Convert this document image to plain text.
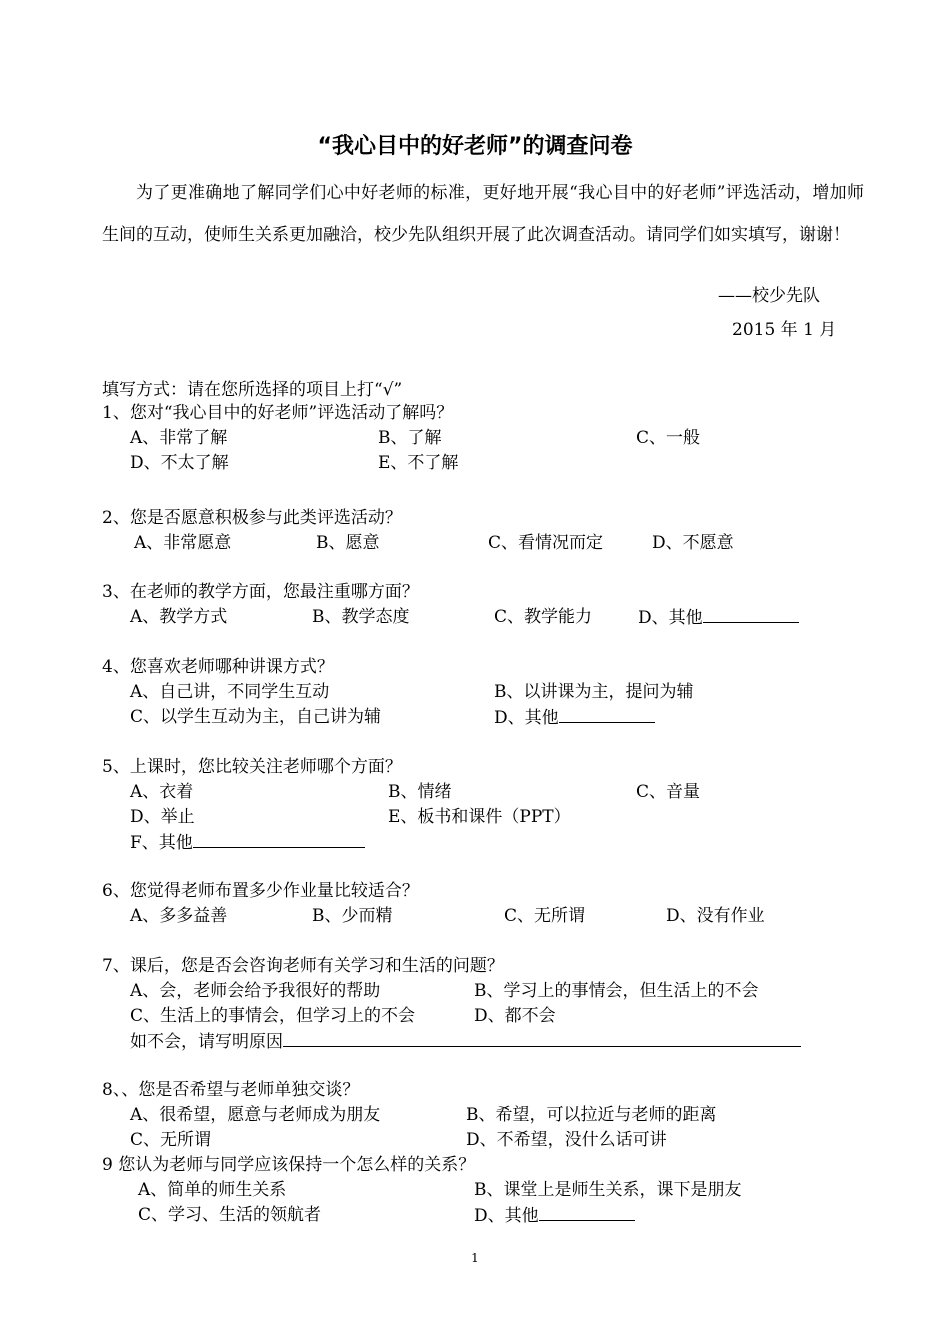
“我心目中的好老师”的调查问卷
为了更准确地了解同学们心中好老师的标准，更好地开展“我心目中的好老师”评选活动，增加师生间的互动，使师生关系更加融洽，校少先队组织开展了此次调查活动。请同学们如实填写，谢谢！
——校少先队
2015 年 1 月
填写方式：请在您所选择的项目上打“√”
1、您对“我心目中的好老师”评选活动了解吗？
A、非常了解	B、了解	C、一般
D、不太了解	E、不了解
2、您是否愿意积极参与此类评选活动？
A、非常愿意	B、愿意	C、看情况而定	D、不愿意
3、在老师的教学方面，您最注重哪方面？
A、教学方式	B、教学态度	C、教学能力	D、其他
4、您喜欢老师哪种讲课方式？
A、自己讲，不同学生互动	B、以讲课为主，提问为辅
C、以学生互动为主，自己讲为辅	D、其他
5、上课时，您比较关注老师哪个方面？
A、衣着	B、情绪	C、音量
D、举止	E、板书和课件（PPT）
F、其他
6、您觉得老师布置多少作业量比较适合？
A、多多益善	B、少而精	C、无所谓	D、没有作业
7、课后，您是否会咨询老师有关学习和生活的问题？
A、会，老师会给予我很好的帮助	B、学习上的事情会，但生活上的不会
C、生活上的事情会，但学习上的不会	D、都不会
如不会，请写明原因
8、、您是否希望与老师单独交谈？
A、很希望，愿意与老师成为朋友	B、希望，可以拉近与老师的距离
C、无所谓	D、不希望，没什么话可讲
9 您认为老师与同学应该保持一个怎么样的关系？
A、简单的师生关系	B、课堂上是师生关系，课下是朋友
C、学习、生活的领航者	D、其他
1
